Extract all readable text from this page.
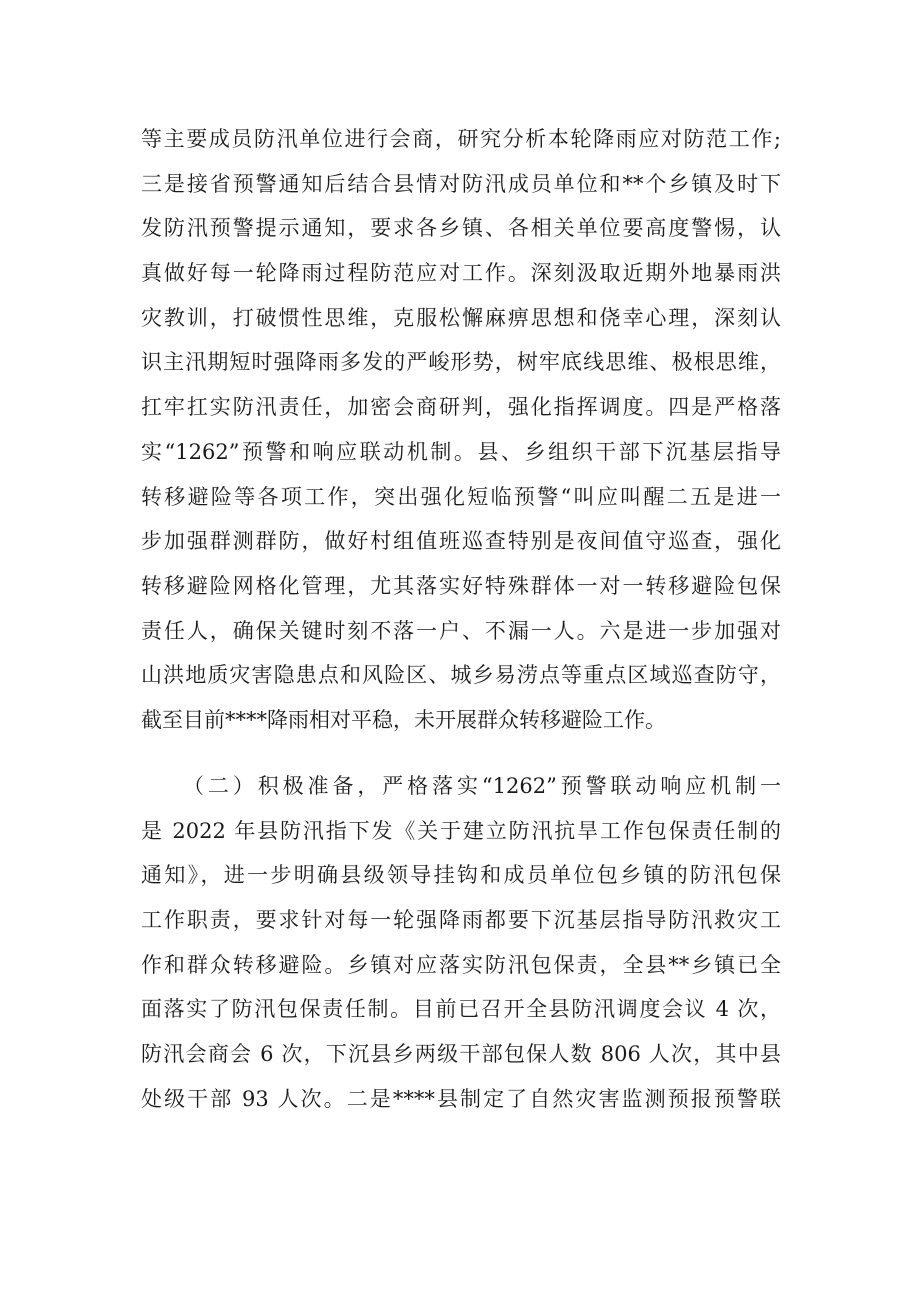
等主要成员防汛单位进行会商，研究分析本轮降雨应对防范工作;
三是接省预警通知后结合县情对防汛成员单位和**个乡镇及时下
发防汛预警提示通知，要求各乡镇、各相关单位要高度警惕，认
真做好每一轮降雨过程防范应对工作。深刻汲取近期外地暴雨洪
灾教训，打破惯性思维，克服松懈麻痹思想和侥幸心理，深刻认
识主汛期短时强降雨多发的严峻形势，树牢底线思维、极根思维，
扛牢扛实防汛责任，加密会商研判，强化指挥调度。四是严格落
实“1262”预警和响应联动机制。县、乡组织干部下沉基层指导
转移避险等各项工作，突出强化短临预警“叫应叫醒二五是进一
步加强群测群防，做好村组值班巡查特别是夜间值守巡查，强化
转移避险网格化管理，尤其落实好特殊群体一对一转移避险包保
责任人，确保关键时刻不落一户、不漏一人。六是进一步加强对
山洪地质灾害隐患点和风险区、城乡易涝点等重点区域巡查防守，
截至目前****降雨相对平稳，未开展群众转移避险工作。
（二）积极准备，严格落实“1262”预警联动响应机制一
是 2022 年县防汛指下发《关于建立防汛抗旱工作包保责任制的
通知》，进一步明确县级领导挂钩和成员单位包乡镇的防汛包保
工作职责，要求针对每一轮强降雨都要下沉基层指导防汛救灾工
作和群众转移避险。乡镇对应落实防汛包保责，全县**乡镇已全
面落实了防汛包保责任制。目前已召开全县防汛调度会议 4 次，
防汛会商会 6 次，下沉县乡两级干部包保人数 806 人次，其中县
处级干部 93 人次。二是****县制定了自然灾害监测预报预警联
